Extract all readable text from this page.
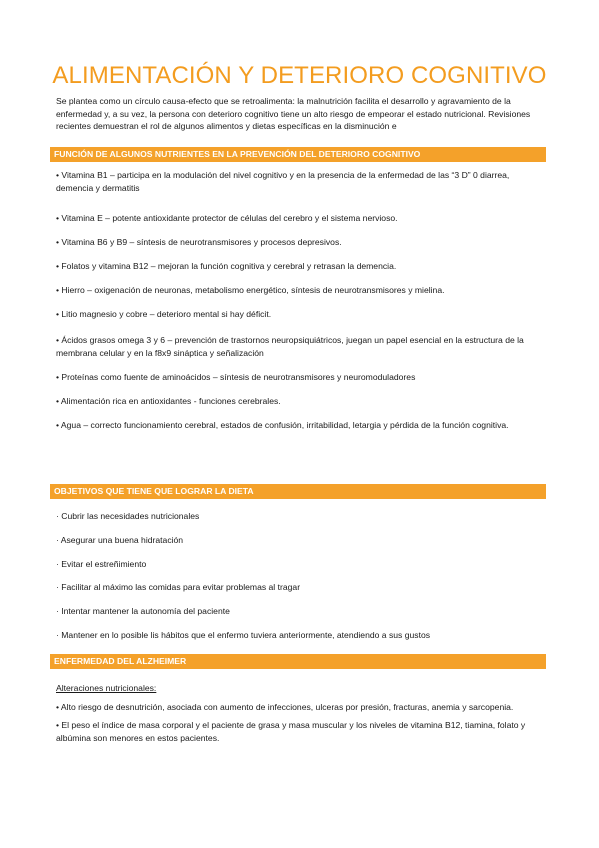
ALIMENTACIÓN Y DETERIORO COGNITIVO

Se plantea como un círculo causa-efecto que se retroalimenta: la malnutrición facilita el desarrollo y agravamiento de la enfermedad y, a su vez, la persona con deterioro cognitivo tiene un alto riesgo de empeorar el estado nutricional. Revisiones recientes demuestran el rol de algunos alimentos y dietas específicas en la disminución e

FUNCIÓN DE ALGUNOS NUTRIENTES EN LA PREVENCIÓN DEL DETERIORO COGNITIVO

• Vitamina B1 – participa en la modulación del nivel cognitivo y en la presencia de la enfermedad de las “3 D” 0 diarrea, demencia y dermatitis

• Vitamina E – potente antioxidante protector de células del cerebro y el sistema nervioso.

• Vitamina B6 y B9 – síntesis de neurotransmisores y procesos depresivos.

• Folatos y vitamina B12 – mejoran la función cognitiva y cerebral y retrasan la demencia.

• Hierro – oxigenación de neuronas, metabolismo energético, síntesis de neurotransmisores y mielina.

• Litio magnesio y cobre – deterioro mental si hay déficit.

• Ácidos grasos omega 3 y 6 – prevención de trastornos neuropsiquiátricos, juegan un papel esencial en la estructura de la membrana celular y en la f8x9 sináptica y señalización

• Proteínas como fuente de aminoácidos – síntesis de neurotransmisores y neuromoduladores

• Alimentación rica en antioxidantes - funciones cerebrales.

• Agua – correcto funcionamiento cerebral, estados de confusión, irritabilidad, letargia y pérdida de la función cognitiva.

OBJETIVOS QUE TIENE QUE LOGRAR LA DIETA

· Cubrir las necesidades nutricionales

· Asegurar una buena hidratación

· Evitar el estreñimiento

· Facilitar al máximo las comidas para evitar problemas al tragar

· Intentar mantener la autonomía del paciente

· Mantener en lo posible lis hábitos que el enfermo tuviera anteriormente, atendiendo a sus gustos

ENFERMEDAD DEL ALZHEIMER

Alteraciones nutricionales:

• Alto riesgo de desnutrición, asociada con aumento de infecciones, ulceras por presión, fracturas, anemia y sarcopenia.

• El peso el índice de masa corporal y el paciente de grasa y masa muscular y los niveles de vitamina B12, tiamina, folato y albúmina son menores en estos pacientes.
